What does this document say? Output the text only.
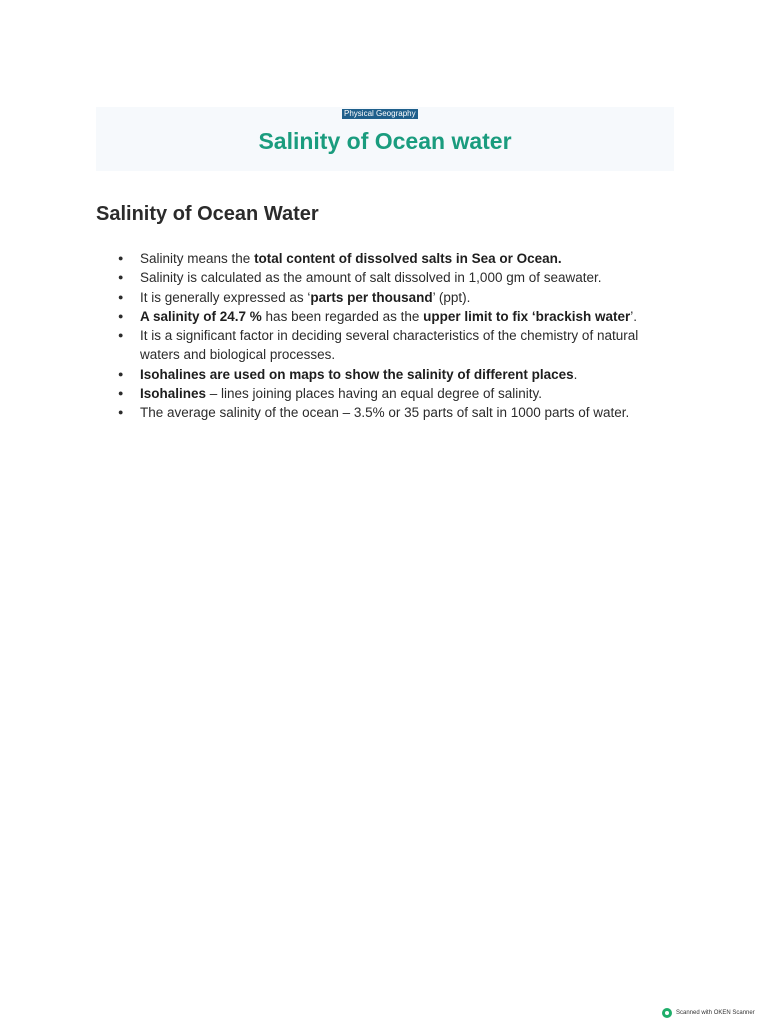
Physical Geography
Salinity of Ocean water
Salinity of Ocean Water
● Salinity means the total content of dissolved salts in Sea or Ocean.
● Salinity is calculated as the amount of salt dissolved in 1,000 gm of seawater.
● It is generally expressed as ‘parts per thousand’ (ppt).
● A salinity of 24.7 % has been regarded as the upper limit to fix ‘brackish water’.
● It is a significant factor in deciding several characteristics of the chemistry of natural waters and biological processes.
● Isohalines are used on maps to show the salinity of different places.
● Isohalines – lines joining places having an equal degree of salinity.
● The average salinity of the ocean – 3.5% or 35 parts of salt in 1000 parts of water.
Scanned with OKEN Scanner
